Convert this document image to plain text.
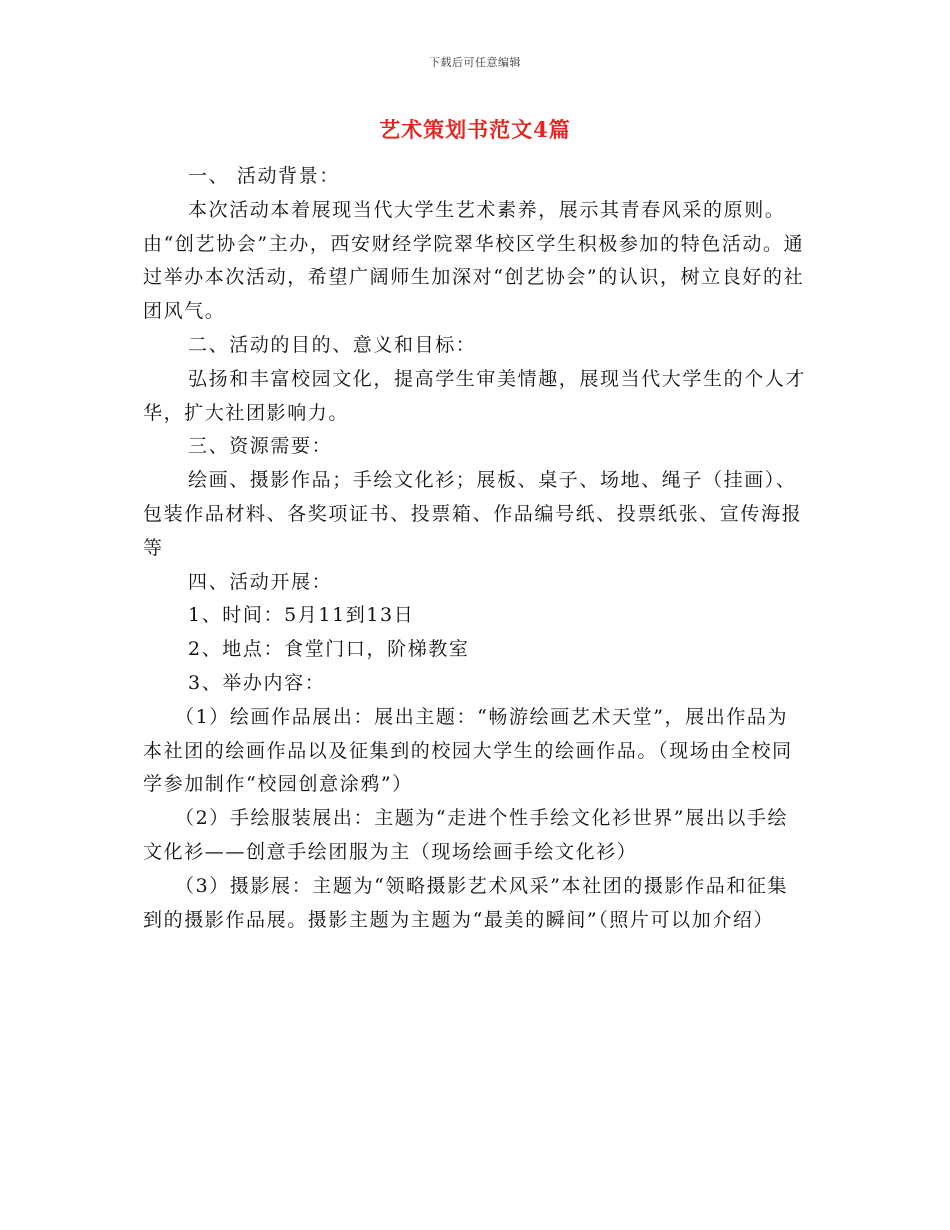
下载后可任意编辑
艺术策划书范文4篇

一、 活动背景：

本次活动本着展现当代大学生艺术素养，展示其青春风采的原则。由“创艺协会”主办，西安财经学院翠华校区学生积极参加的特色活动。通过举办本次活动，希望广阔师生加深对“创艺协会”的认识，树立良好的社团风气。

二、活动的目的、意义和目标：

弘扬和丰富校园文化，提高学生审美情趣，展现当代大学生的个人才华，扩大社团影响力。

三、资源需要：

绘画、摄影作品；手绘文化衫；展板、桌子、场地、绳子（挂画）、包装作品材料、各奖项证书、投票箱、作品编号纸、投票纸张、宣传海报等

四、活动开展：

1、时间：5月11到13日

2、地点：食堂门口，阶梯教室

3、举办内容：

（1）绘画作品展出：展出主题：“畅游绘画艺术天堂”，展出作品为本社团的绘画作品以及征集到的校园大学生的绘画作品。（现场由全校同学参加制作“校园创意涂鸦”）

（2）手绘服装展出：主题为“走进个性手绘文化衫世界”展出以手绘文化衫——创意手绘团服为主（现场绘画手绘文化衫）

（3）摄影展：主题为“领略摄影艺术风采”本社团的摄影作品和征集到的摄影作品展。摄影主题为主题为“最美的瞬间”（照片可以加介绍）
